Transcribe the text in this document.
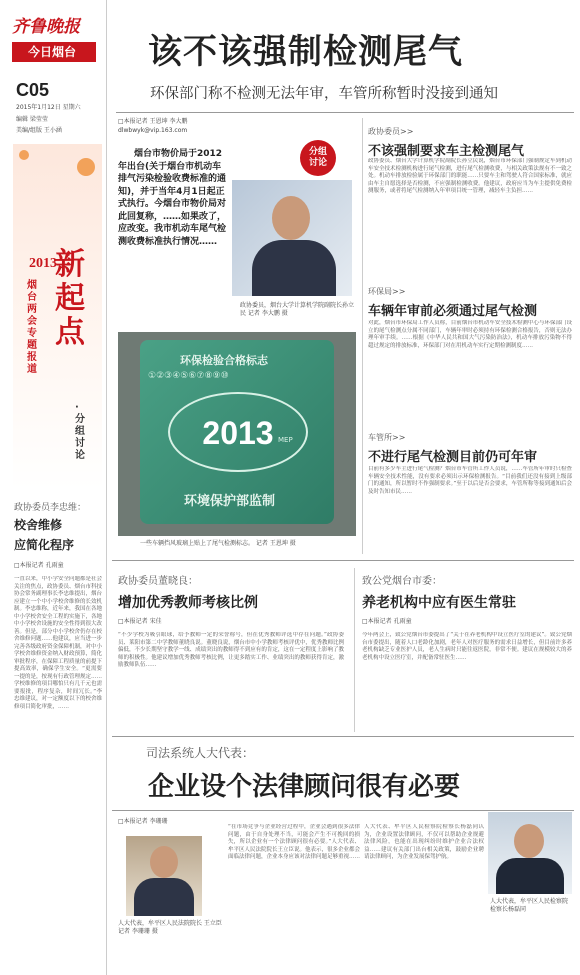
齐鲁晚报
今日烟台
C05
2015年1月12日 星期六
编辑 梁莹莹
美编/组版 王小涵
2013
新起点
烟台两会专题报道
·分组讨论
政协委员李忠维：
校舍维修
应简化程序
□本报记者 孔雨童
一直以来，中小学安全问题都是社会关注的焦点，政协委员、烟台市科技协会常务副理事长李忠维提出，烟台应建立一个中小学校舍维修的长效机制。李忠维称，近年来，我国在各地中小学校舍安全工程的实施下，各地中小学校舍设施的安全性得到很大改善。但是，部分中小学校舍仍存在校舍维修问题……他建议，应当进一步完善各级政府资金保障机制，对中小学校舍维修资金纳入财政预算，简化审批程序，在保障工程质量的前提下提高效率，确保学生安全。“更需要一提的是，按现有行政管理规定……学校维修的项目哪怕只有几千元也需要报批，程序复杂，时间冗长。”李忠维建议，对一定额度以下的校舍维修项目简化审批，……
该不该强制检测尾气
环保部门称不检测无法年审，车管所称暂时没接到通知
□本报记者 王恩坤 李大鹏
dlwbwyk@vip.163.com
分组
讨论
烟台市物价局于2012年出台(关于烟台市机动车排气污染检验收费标准的通知)，并于当年4月1日起正式执行。今烟台市物价局对此回复称，……如果改了，应改变。我市机动车尾气检测收费标准执行情况……
政协委员，烟台大学计算机学院副院长孙立民 记者 李大鹏 摄
环保检验合格标志
①②③④⑤⑥⑦⑧⑨⑩
2013 MEP
环境保护部监制
一些车辆挡风玻璃上贴上了尾气检测标志。 记者 王恩坤 摄
政协委员>>
不该强制要求车主检测尾气
政协委员、烟台大学计算机学院副院长孙立民说，烟台市环保部门强制规定车到机动车安全技术检测机构进行尾气检测，进行尾气检测收费，与相关政策法规有不一致之处。机动车排放检验属于环保部门的职能……只要车主和驾驶人符合国家标准，就应由车主自愿选择是否检测，不应强制检测收费。他建议，政府应当为车主提供免费检测服务，或者将尾气检测纳入年审项目统一管理，减轻车主负担……
环保局>>
车辆年审前必须通过尾气检测
对此，烟台市环保局工作人员称，目前烟台市机动车安全技术检测中心与环保部门设立的尾气检测点分属不同部门，车辆年审时必须持有环保检测合格报告，否则无法办理年审手续。……根据《中华人民共和国大气污染防治法》，机动车排放污染物不得超过规定的排放标准，环保部门对在用机动车实行定期检测制度……
车管所>>
不进行尾气检测目前仍可年审
目前有多少车主进行尾气检测？烟台市车管所工作人员说，……车管所年审时只检查车辆安全技术性能，没有要求必须出示环保检测报告。“目前我们还没有接到上级部门的通知，所以暂时不作强制要求。”至于以后是否会要求，车管所称等接到通知后会及时告知市民……
政协委员董晓良：
增加优秀教师考核比例
□本报记者 宋佳
“不少学校为吸引眼球，给予教师一定的荣誉称号，但在优秀教师评选中存在问题。”政协委员、莱阳市第二中学教师董晓良说。董晓良说，烟台市中小学教师考核评优中，优秀教师比例偏低，不少长期坚守教学一线、成绩突出的教师得不到应有的肯定，这在一定程度上影响了教师的积极性。他建议增加优秀教师考核比例，让更多踏实工作、业绩突出的教师获得肯定，激励教师队伍……
致公党烟台市委：
养老机构中应有医生常驻
□本报记者 孔雨童
今年两会上，致公党烟台市委提出了“关于在养老机构中设立医疗室的建议”。致公党烟台市委提出，随着人口老龄化加剧，老年人对医疗服务的需求日益增长，但目前许多养老机构缺乏专业医护人员，老人生病时只能往返医院，非常不便。建议在规模较大的养老机构中设立医疗室，并配备常驻医生……
司法系统人大代表：
企业设个法律顾问很有必要
□本报记者 李珊珊
人大代表，牟平区人民法院院长 王立臣 记者 李珊珊 摄
“在市场竞争与企业经营过程中，企业会遇到很多法律问题，由于自身处理不当，可能会产生不可挽回的损失，所以企业有一个法律顾问很有必要。”人大代表、牟平区人民法院院长王立臣说。他表示，很多企业都会面临法律问题，企业本身应该对法律问题足够重视……
人大代表、牟平区人民检察院检察长杨磊同认为，企业设置法律顾问，不仅可以帮助企业规避法律风险，也能在出现纠纷时维护企业合法权益……建议有关部门出台相关政策，鼓励企业聘请法律顾问，为企业发展保驾护航。
人大代表，牟平区人民检察院检察长杨磊同
